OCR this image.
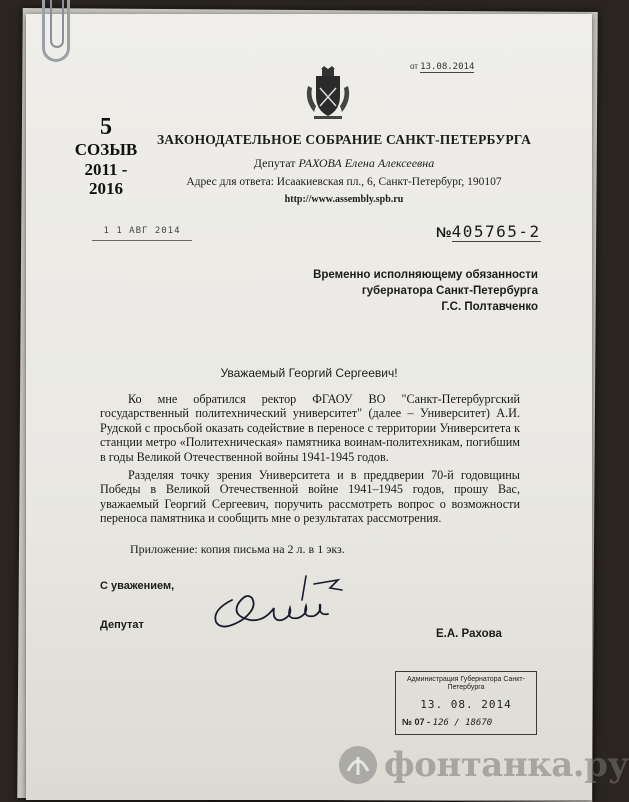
от 13.08.2014
5
СОЗЫВ
2011 -
2016
ЗАКОНОДАТЕЛЬНОЕ СОБРАНИЕ САНКТ-ПЕТЕРБУРГА
Депутат РАХОВА Елена Алексеевна
Адрес для ответа: Исаакиевская пл., 6, Санкт-Петербург, 190107
http://www.assembly.spb.ru
1 1 АВГ 2014	№405765-2
Временно исполняющему обязанности
губернатора Санкт-Петербурга
Г.С. Полтавченко
Уважаемый Георгий Сергеевич!

Ко мне обратился ректор ФГАОУ ВО "Санкт-Петербургский государственный политехнический университет" (далее – Университет) А.И. Рудской с просьбой оказать содействие в переносе с территории Университета к станции метро «Политехническая» памятника воинам-политехникам, погибшим в годы Великой Отечественной войны 1941-1945 годов.

Разделяя точку зрения Университета и в преддверии 70-й годовщины Победы в Великой Отечественной войне 1941–1945 годов, прошу Вас, уважаемый Георгий Сергеевич, поручить рассмотреть вопрос о возможности переноса памятника и сообщить мне о результатах рассмотрения.

Приложение: копия письма на 2 л. в 1 экз.
С уважением,
Депутат
Е.А. Рахова
Администрация Губернатора Санкт-Петербурга
13. 08. 2014
№ 07 - 126 / 18670
фонтанка.ру
